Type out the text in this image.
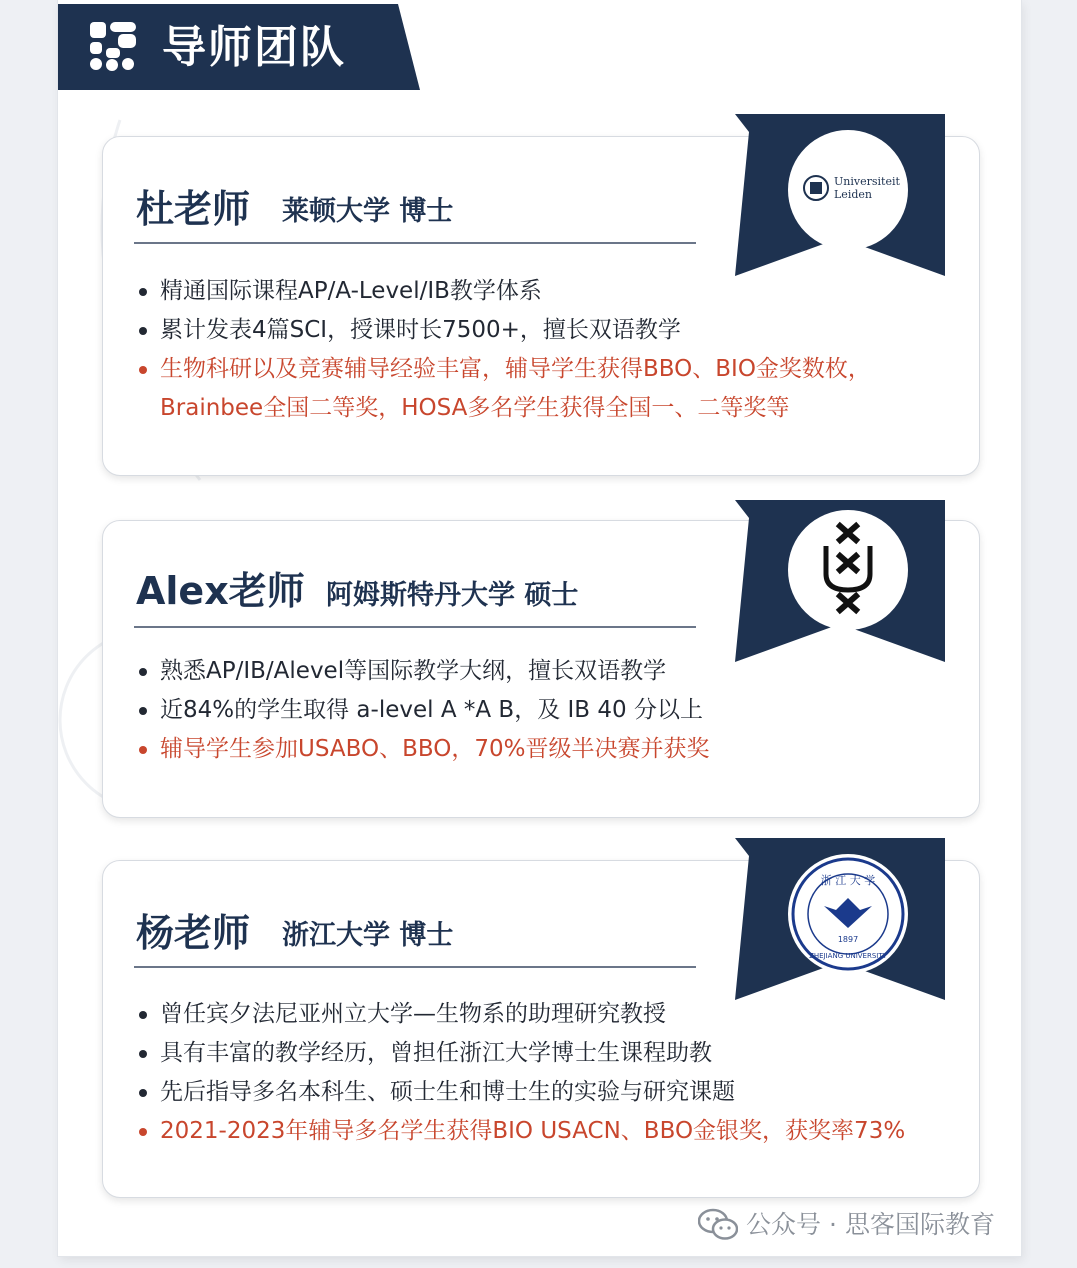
导师团队
杜老师 莱顿大学 博士
Universiteit
Leiden
精通国际课程AP/A-Level/IB教学体系
累计发表4篇SCI，授课时长7500+，擅长双语教学
生物科研以及竞赛辅导经验丰富，辅导学生获得BBO、BIO金奖数枚，
Brainbee全国二等奖，HOSA多名学生获得全国一、二等奖等
Alex老师 阿姆斯特丹大学 硕士
熟悉AP/IB/Alevel等国际教学大纲，擅长双语教学
近84%的学生取得 a-level A *A B，及 IB 40 分以上
辅导学生参加USABO、BBO，70%晋级半决赛并获奖
杨老师 浙江大学 博士
浙 江 大 学
1897
ZHEJIANG UNIVERSITY
曾任宾夕法尼亚州立大学—生物系的助理研究教授
具有丰富的教学经历，曾担任浙江大学博士生课程助教
先后指导多名本科生、硕士生和博士生的实验与研究课题
2021-2023年辅导多名学生获得BIO USACN、BBO金银奖，获奖率73%
公众号 · 思客国际教育
